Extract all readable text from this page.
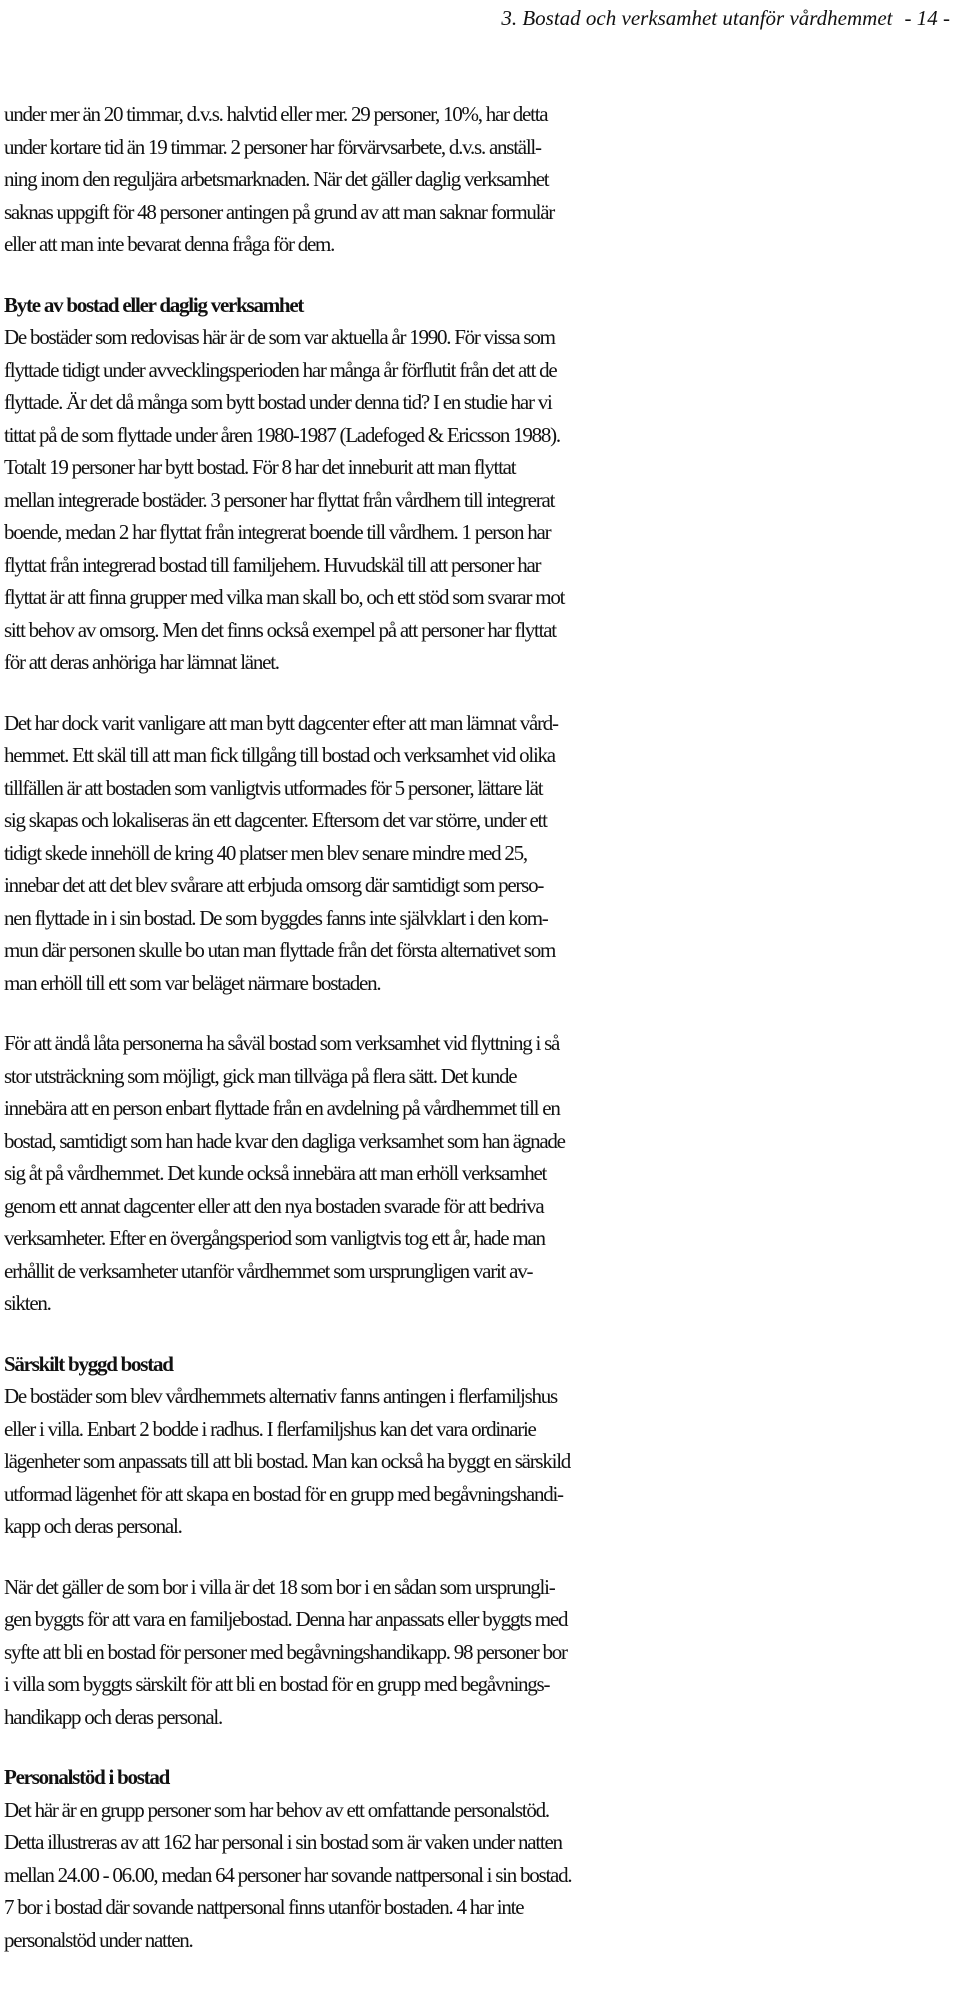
3. Bostad och verksamhet utanför vårdhemmet - 14 -
under mer än 20 timmar, d.v.s. halvtid eller mer. 29 personer, 10%, har detta
under kortare tid än 19 timmar. 2 personer har förvärvsarbete, d.v.s. anställ-
ning inom den reguljära arbetsmarknaden. När det gäller daglig verksamhet
saknas uppgift för 48 personer antingen på grund av att man saknar formulär
eller att man inte bevarat denna fråga för dem.
Byte av bostad eller daglig verksamhet
De bostäder som redovisas här är de som var aktuella år 1990. För vissa som
flyttade tidigt under avvecklingsperioden har många år förflutit från det att de
flyttade. Är det då många som bytt bostad under denna tid? I en studie har vi
tittat på de som flyttade under åren 1980-1987 (Ladefoged & Ericsson 1988).
Totalt 19 personer har bytt bostad. För 8 har det inneburit att man flyttat
mellan integrerade bostäder. 3 personer har flyttat från vårdhem till integrerat
boende, medan 2 har flyttat från integrerat boende till vårdhem. 1 person har
flyttat från integrerad bostad till familjehem. Huvudskäl till att personer har
flyttat är att finna grupper med vilka man skall bo, och ett stöd som svarar mot
sitt behov av omsorg. Men det finns också exempel på att personer har flyttat
för att deras anhöriga har lämnat länet.
Det har dock varit vanligare att man bytt dagcenter efter att man lämnat vård-
hemmet. Ett skäl till att man fick tillgång till bostad och verksamhet vid olika
tillfällen är att bostaden som vanligtvis utformades för 5 personer, lättare lät
sig skapas och lokaliseras än ett dagcenter. Eftersom det var större, under ett
tidigt skede innehöll de kring 40 platser men blev senare mindre med 25,
innebar det att det blev svårare att erbjuda omsorg där samtidigt som perso-
nen flyttade in i sin bostad. De som byggdes fanns inte självklart i den kom-
mun där personen skulle bo utan man flyttade från det första alternativet som
man erhöll till ett som var beläget närmare bostaden.
För att ändå låta personerna ha såväl bostad som verksamhet vid flyttning i så
stor utsträckning som möjligt, gick man tillväga på flera sätt. Det kunde
innebära att en person enbart flyttade från en avdelning på vårdhemmet till en
bostad, samtidigt som han hade kvar den dagliga verksamhet som han ägnade
sig åt på vårdhemmet. Det kunde också innebära att man erhöll verksamhet
genom ett annat dagcenter eller att den nya bostaden svarade för att bedriva
verksamheter. Efter en övergångsperiod som vanligtvis tog ett år, hade man
erhållit de verksamheter utanför vårdhemmet som ursprungligen varit av-
sikten.
Särskilt byggd bostad
De bostäder som blev vårdhemmets alternativ fanns antingen i flerfamiljshus
eller i villa. Enbart 2 bodde i radhus. I flerfamiljshus kan det vara ordinarie
lägenheter som anpassats till att bli bostad. Man kan också ha byggt en särskild
utformad lägenhet för att skapa en bostad för en grupp med begåvningshandi-
kapp och deras personal.
När det gäller de som bor i villa är det 18 som bor i en sådan som ursprungli-
gen byggts för att vara en familjebostad. Denna har anpassats eller byggts med
syfte att bli en bostad för personer med begåvningshandikapp. 98 personer bor
i villa som byggts särskilt för att bli en bostad för en grupp med begåvnings-
handikapp och deras personal.
Personalstöd i bostad
Det här är en grupp personer som har behov av ett omfattande personalstöd.
Detta illustreras av att 162 har personal i sin bostad som är vaken under natten
mellan 24.00 - 06.00, medan 64 personer har sovande nattpersonal i sin bostad.
7 bor i bostad där sovande nattpersonal finns utanför bostaden. 4 har inte
personalstöd under natten.
